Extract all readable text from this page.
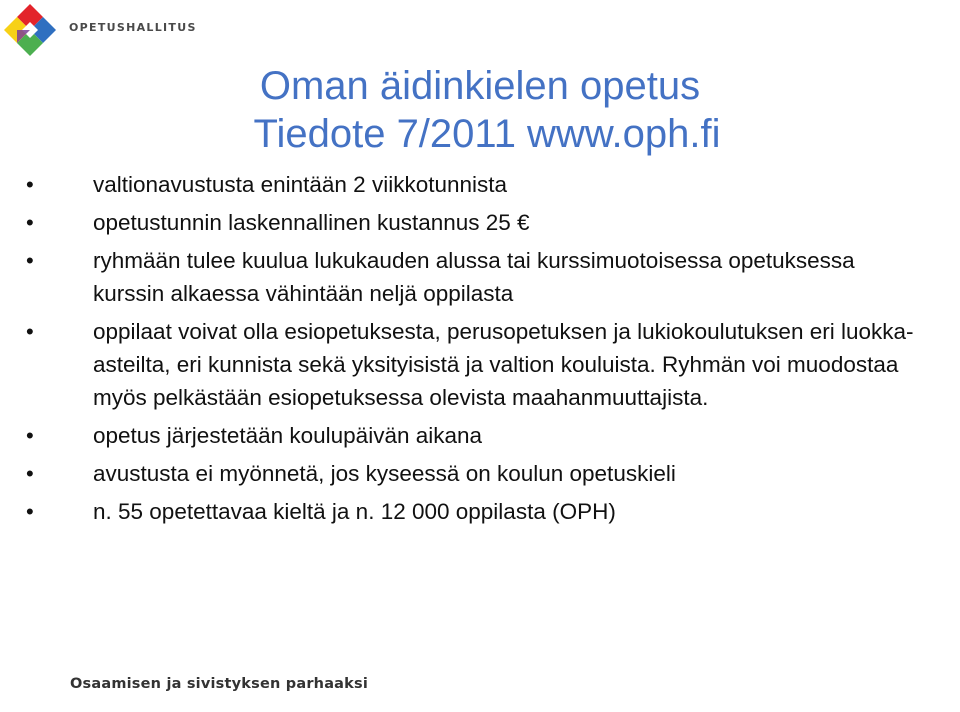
OPETUSHALLITUS
Oman äidinkielen opetus
Tiedote 7/2011 www.oph.fi
• valtionavustusta enintään 2 viikkotunnista
• opetustunnin laskennallinen kustannus 25 €
• ryhmään tulee kuulua lukukauden alussa tai kurssimuotoisessa opetuksessa kurssin alkaessa vähintään neljä oppilasta
• oppilaat voivat olla esiopetuksesta, perusopetuksen ja lukiokoulutuksen eri luokka-asteilta, eri kunnista sekä yksityisistä ja valtion kouluista. Ryhmän voi muodostaa myös pelkästään esiopetuksessa olevista maahanmuuttajista.
• opetus järjestetään koulupäivän aikana
• avustusta ei myönnetä, jos kyseessä on koulun opetuskieli
• n. 55 opetettavaa kieltä ja n. 12 000 oppilasta (OPH)
Osaamisen ja sivistyksen parhaaksi
